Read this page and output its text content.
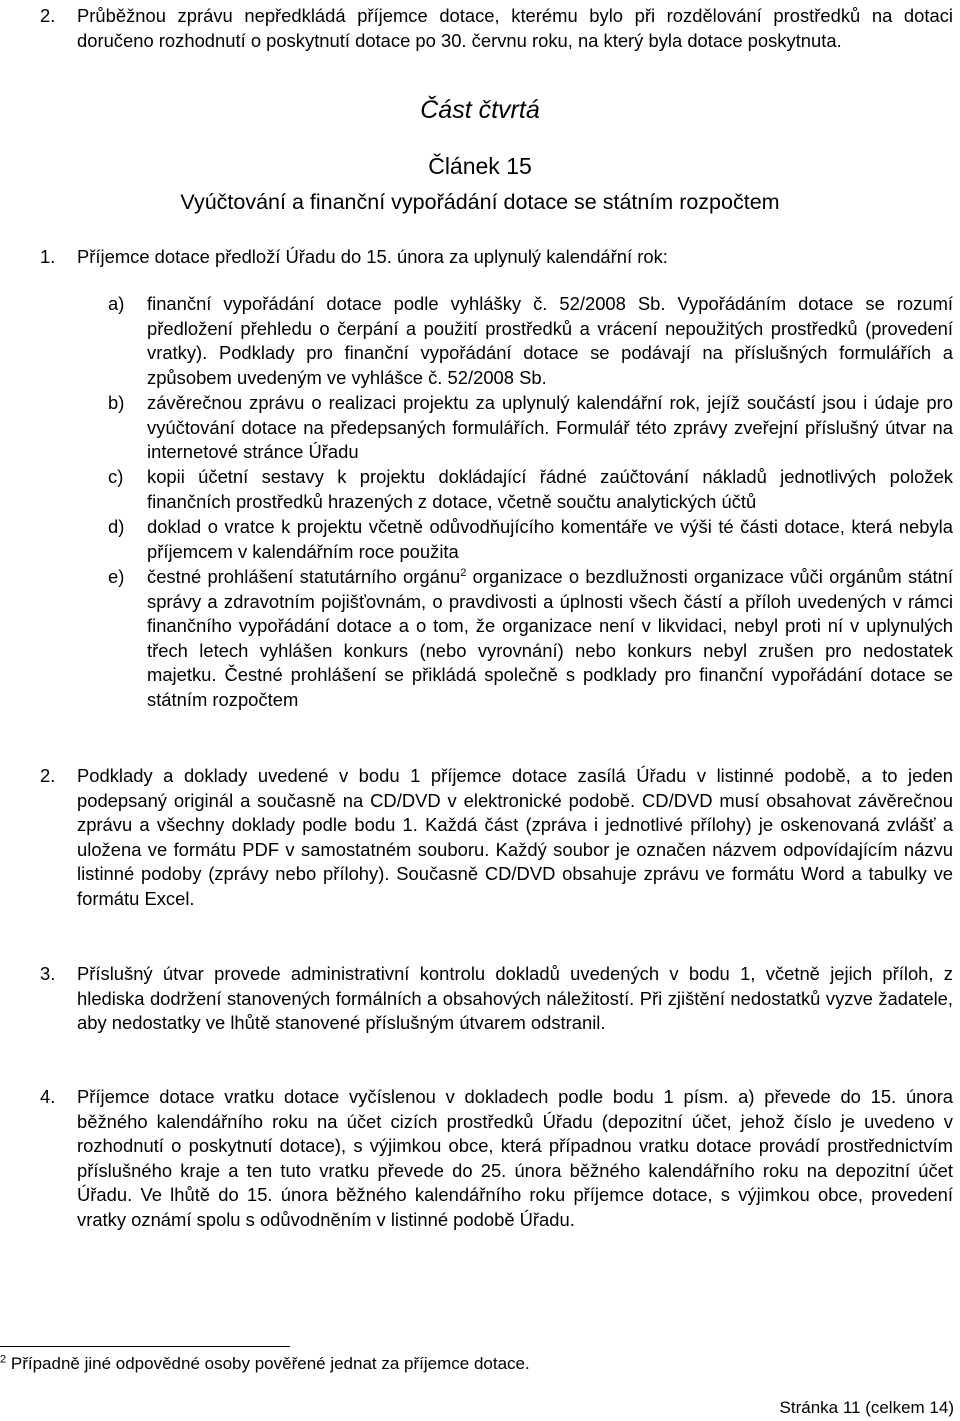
2. Průběžnou zprávu nepředkládá příjemce dotace, kterému bylo při rozdělování prostředků na dotaci doručeno rozhodnutí o poskytnutí dotace po 30. červnu roku, na který byla dotace poskytnuta.
Část čtvrtá
Článek 15
Vyúčtování a finanční vypořádání dotace se státním rozpočtem
1. Příjemce dotace předloží Úřadu do 15. února za uplynulý kalendářní rok:
a) finanční vypořádání dotace podle vyhlášky č. 52/2008 Sb. Vypořádáním dotace se rozumí předložení přehledu o čerpání a použití prostředků a vrácení nepoužitých prostředků (provedení vratky). Podklady pro finanční vypořádání dotace se podávají na příslušných formulářích a způsobem uvedeným ve vyhlášce č. 52/2008 Sb.
b) závěrečnou zprávu o realizaci projektu za uplynulý kalendářní rok, jejíž součástí jsou i údaje pro vyúčtování dotace na předepsaných formulářích. Formulář této zprávy zveřejní příslušný útvar na internetové stránce Úřadu
c) kopii účetní sestavy k projektu dokládající řádné zaúčtování nákladů jednotlivých položek finančních prostředků hrazených z dotace, včetně součtu analytických účtů
d) doklad o vratce k projektu včetně odůvodňujícího komentáře ve výši té části dotace, která nebyla příjemcem v kalendářním roce použita
e) čestné prohlášení statutárního orgánu$^2$ organizace o bezdlužnosti organizace vůči orgánům státní správy a zdravotním pojišťovnám, o pravdivosti a úplnosti všech částí a příloh uvedených v rámci finančního vypořádání dotace a o tom, že organizace není v likvidaci, nebyl proti ní v uplynulých třech letech vyhlášen konkurs (nebo vyrovnání) nebo konkurs nebyl zrušen pro nedostatek majetku. Čestné prohlášení se přikládá společně s podklady pro finanční vypořádání dotace se státním rozpočtem
2. Podklady a doklady uvedené v bodu 1 příjemce dotace zasílá Úřadu v listinné podobě, a to jeden podepsaný originál a současně na CD/DVD v elektronické podobě. CD/DVD musí obsahovat závěrečnou zprávu a všechny doklady podle bodu 1. Každá část (zpráva i jednotlivé přílohy) je oskenovaná zvlášť a uložena ve formátu PDF v samostatném souboru. Každý soubor je označen názvem odpovídajícím názvu listinné podoby (zprávy nebo přílohy). Současně CD/DVD obsahuje zprávu ve formátu Word a tabulky ve formátu Excel.
3. Příslušný útvar provede administrativní kontrolu dokladů uvedených v bodu 1, včetně jejich příloh, z hlediska dodržení stanovených formálních a obsahových náležitostí. Při zjištění nedostatků vyzve žadatele, aby nedostatky ve lhůtě stanovené příslušným útvarem odstranil.
4. Příjemce dotace vratku dotace vyčíslenou v dokladech podle bodu 1 písm. a) převede do 15. února běžného kalendářního roku na účet cizích prostředků Úřadu (depozitní účet, jehož číslo je uvedeno v rozhodnutí o poskytnutí dotace), s výjimkou obce, která případnou vratku dotace provádí prostřednictvím příslušného kraje a ten tuto vratku převede do 25. února běžného kalendářního roku na depozitní účet Úřadu. Ve lhůtě do 15. února běžného kalendářního roku příjemce dotace, s výjimkou obce, provedení vratky oznámí spolu s odůvodněním v listinné podobě Úřadu.
$^2$ Případně jiné odpovědné osoby pověřené jednat za příjemce dotace.
Stránka 11 (celkem 14)
